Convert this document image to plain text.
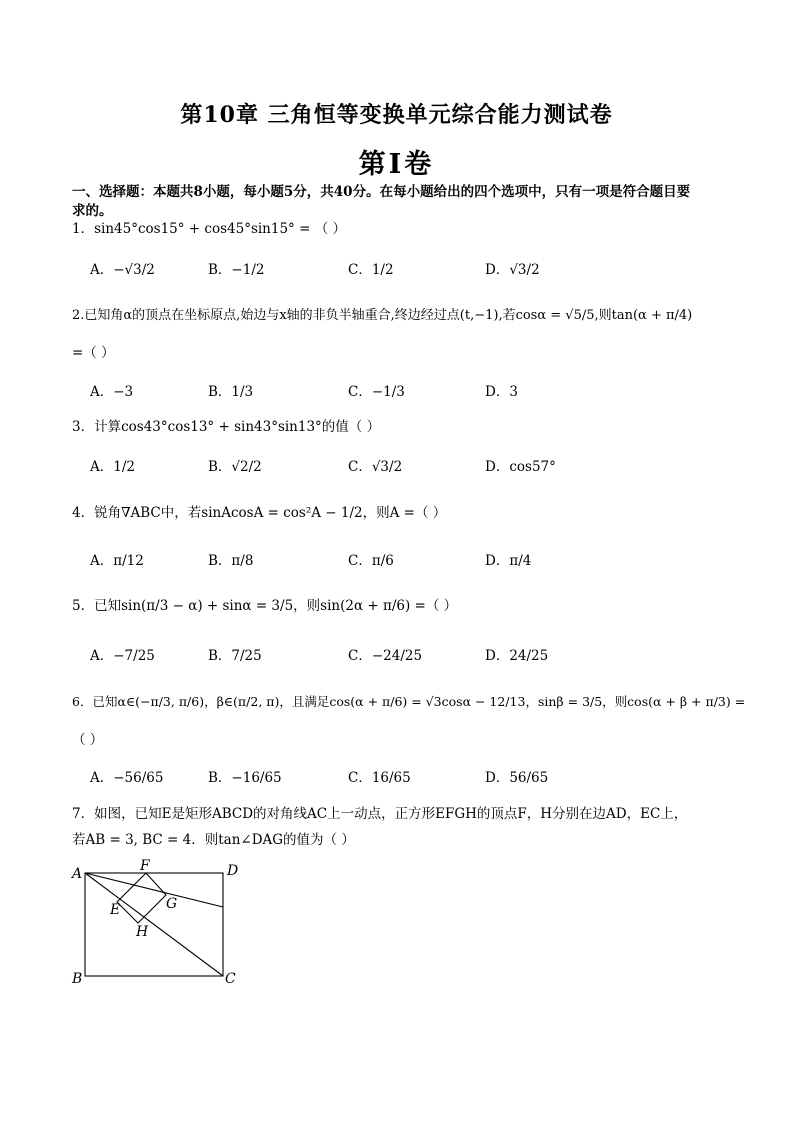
第10章 三角恒等变换单元综合能力测试卷
第I卷
一、选择题：本题共8小题，每小题5分，共40分。在每小题给出的四个选项中，只有一项是符合题目要
求的。
1．sin45°cos15° + cos45°sin15° = （ ）
A．−√3/2	B．−1/2	C．1/2	D．√3/2
2.已知角α的顶点在坐标原点,始边与x轴的非负半轴重合,终边经过点(t,−1),若cosα = √5/5,则tan(α + π/4)
=（ ）
A．−3	B．1/3	C．−1/3	D．3
3．计算cos43°cos13° + sin43°sin13°的值（ ）
A．1/2	B．√2/2	C．√3/2	D．cos57°
4．锐角∇ABC中，若sinAcosA = cos²A − 1/2，则A =（ ）
A．π/12	B．π/8	C．π/6	D．π/4
5．已知sin(π/3 − α) + sinα = 3/5，则sin(2α + π/6) =（ ）
A．−7/25	B．7/25	C．−24/25	D．24/25
6．已知α∈(−π/3, π/6)，β∈(π/2, π)，且满足cos(α + π/6) = √3cosα − 12/13，sinβ = 3/5，则cos(α + β + π/3) =
（ ）
A．−56/65	B．−16/65	C．16/65	D．56/65
7．如图，已知E是矩形ABCD的对角线AC上一动点，正方形EFGH的顶点F，H分别在边AD，EC上，
若AB = 3, BC = 4．则tan∠DAG的值为（ ）
A	D
B	C
F
E	G
H
